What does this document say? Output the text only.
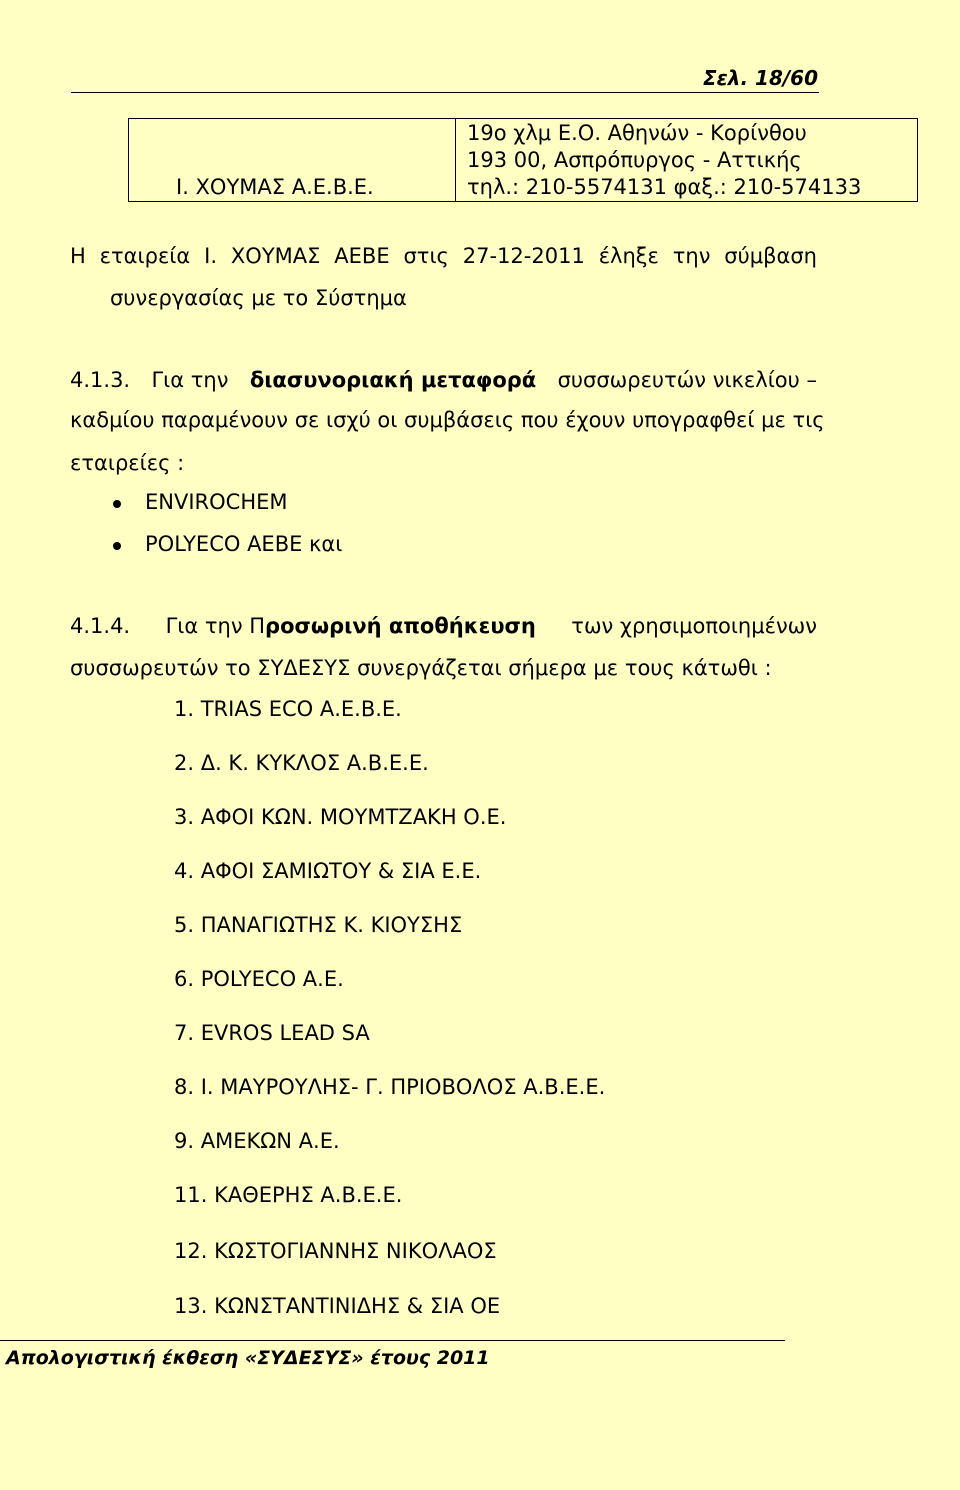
Σελ. 18/60
Ι. ΧΟΥΜΑΣ Α.Ε.Β.Ε.
19ο χλμ Ε.Ο. Αθηνών - Κορίνθου
193 00, Ασπρόπυργος - Αττικής
τηλ.: 210-5574131 φαξ.: 210-574133
Η εταιρεία Ι. ΧΟΥΜΑΣ ΑΕΒΕ στις 27-12-2011 έληξε την σύμβαση
συνεργασίας με το Σύστημα
4.1.3. Για την διασυνοριακή μεταφορά συσσωρευτών νικελίου –
καδμίου παραμένουν σε ισχύ οι συμβάσεις που έχουν υπογραφθεί με τις
εταιρείες :
ENVIROCHEM
POLYECO ΑΕΒΕ και
4.1.4. Για την Προσωρινή αποθήκευση των χρησιμοποιημένων
συσσωρευτών το ΣΥΔΕΣΥΣ συνεργάζεται σήμερα με τους κάτωθι :
1. TRIAS ECO Α.Ε.Β.Ε.
2. Δ. Κ. ΚΥΚΛΟΣ Α.Β.Ε.Ε.
3. ΑΦΟΙ ΚΩΝ. ΜΟΥΜΤΖΑΚΗ Ο.Ε.
4. ΑΦΟΙ ΣΑΜΙΩΤΟΥ & ΣΙΑ Ε.Ε.
5. ΠΑΝΑΓΙΩΤΗΣ Κ. ΚΙΟΥΣΗΣ
6. POLYECO Α.Ε.
7. EVROS LEAD SA
8. Ι. ΜΑΥΡΟΥΛΗΣ- Γ. ΠΡΙΟΒΟΛΟΣ Α.Β.Ε.Ε.
9. ΑΜΕΚΩΝ Α.Ε.
11. ΚΑΘΕΡΗΣ Α.Β.Ε.Ε.
12. ΚΩΣΤΟΓΙΑΝΝΗΣ ΝΙΚΟΛΑΟΣ
13. ΚΩΝΣΤΑΝΤΙΝΙΔΗΣ & ΣΙΑ ΟΕ
Απολογιστική έκθεση «ΣΥΔΕΣΥΣ» έτους 2011
